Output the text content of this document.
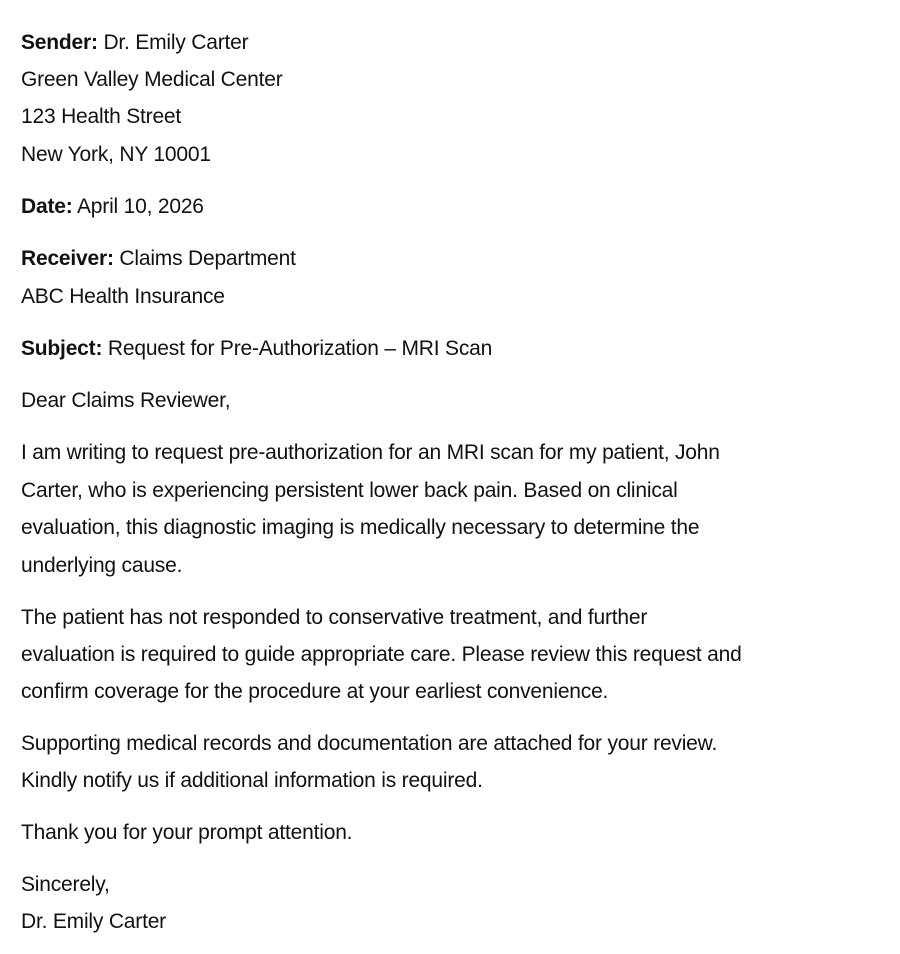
Sender: Dr. Emily Carter
Green Valley Medical Center
123 Health Street
New York, NY 10001
Date: April 10, 2026
Receiver: Claims Department
ABC Health Insurance
Subject: Request for Pre-Authorization – MRI Scan
Dear Claims Reviewer,
I am writing to request pre-authorization for an MRI scan for my patient, John
Carter, who is experiencing persistent lower back pain. Based on clinical
evaluation, this diagnostic imaging is medically necessary to determine the
underlying cause.
The patient has not responded to conservative treatment, and further
evaluation is required to guide appropriate care. Please review this request and
confirm coverage for the procedure at your earliest convenience.
Supporting medical records and documentation are attached for your review.
Kindly notify us if additional information is required.
Thank you for your prompt attention.
Sincerely,
Dr. Emily Carter
